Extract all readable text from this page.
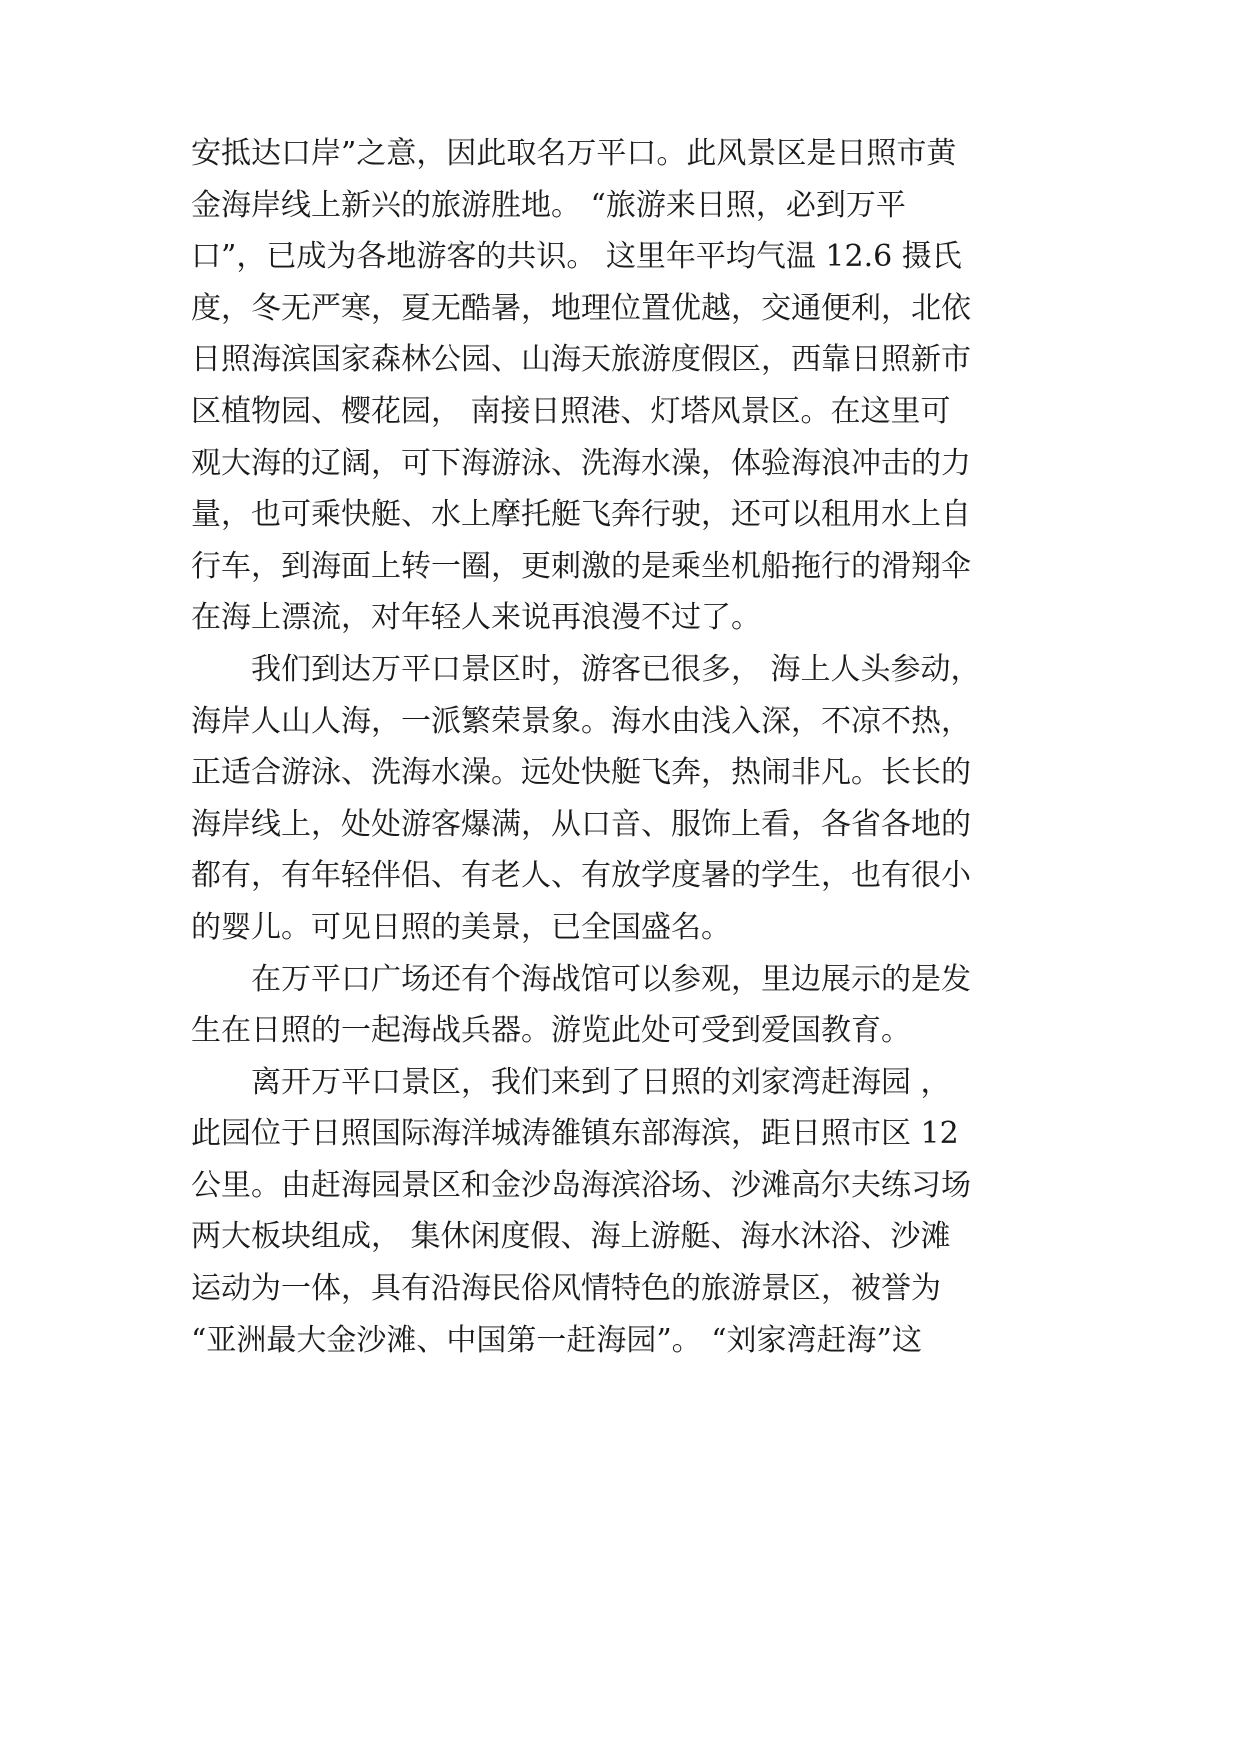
安抵达口岸”之意，因此取名万平口。此风景区是日照市黄
金海岸线上新兴的旅游胜地。 “旅游来日照，必到万平
口”，已成为各地游客的共识。 这里年平均气温 12.6 摄氏
度，冬无严寒，夏无酷暑，地理位置优越，交通便利，北依
日照海滨国家森林公园、山海天旅游度假区，西靠日照新市
区植物园、樱花园， 南接日照港、灯塔风景区。在这里可
观大海的辽阔，可下海游泳、洗海水澡，体验海浪冲击的力
量，也可乘快艇、水上摩托艇飞奔行驶，还可以租用水上自
行车，到海面上转一圈，更刺激的是乘坐机船拖行的滑翔伞
在海上漂流，对年轻人来说再浪漫不过了。
　　我们到达万平口景区时，游客已很多， 海上人头参动，
海岸人山人海，一派繁荣景象。海水由浅入深，不凉不热，
正适合游泳、洗海水澡。远处快艇飞奔，热闹非凡。长长的
海岸线上，处处游客爆满，从口音、服饰上看，各省各地的
都有，有年轻伴侣、有老人、有放学度暑的学生，也有很小
的婴儿。可见日照的美景，已全国盛名。
　　在万平口广场还有个海战馆可以参观，里边展示的是发
生在日照的一起海战兵器。游览此处可受到爱国教育。
　　离开万平口景区，我们来到了日照的刘家湾赶海园 ，
此园位于日照国际海洋城涛雒镇东部海滨，距日照市区 12
公里。由赶海园景区和金沙岛海滨浴场、沙滩高尔夫练习场
两大板块组成， 集休闲度假、海上游艇、海水沐浴、沙滩
运动为一体，具有沿海民俗风情特色的旅游景区，被誉为
“亚洲最大金沙滩、中国第一赶海园”。 “刘家湾赶海”这
